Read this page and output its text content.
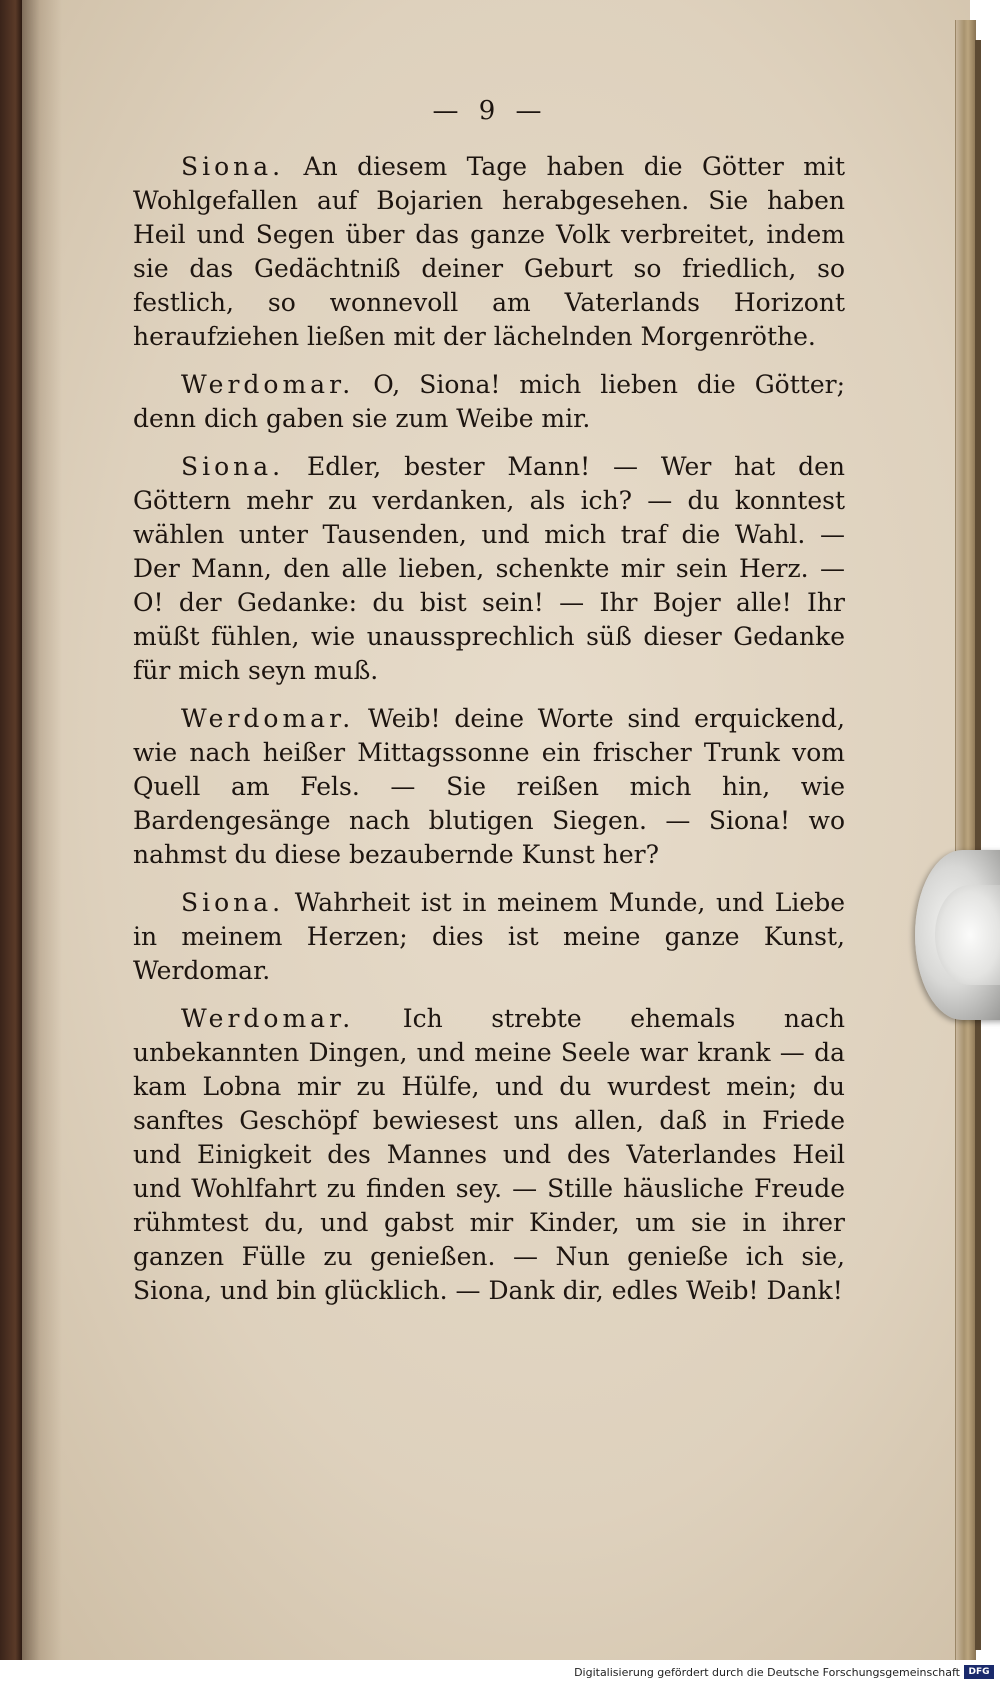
— 9 —

Siona. An diesem Tage haben die Götter mit Wohlgefallen auf Bojarien herabgesehen. Sie haben Heil und Segen über das ganze Volk verbreitet, indem sie das Gedächtniß deiner Geburt so friedlich, so festlich, so wonnevoll am Vaterlands Horizont heraufziehen ließen mit der lächelnden Morgenröthe.

Werdomar. O, Siona! mich lieben die Götter; denn dich gaben sie zum Weibe mir.

Siona. Edler, bester Mann! — Wer hat den Göttern mehr zu verdanken, als ich? — du konntest wählen unter Tausenden, und mich traf die Wahl. — Der Mann, den alle lieben, schenkte mir sein Herz. — O! der Gedanke: du bist sein! — Ihr Bojer alle! Ihr müßt fühlen, wie unaussprechlich süß dieser Gedanke für mich seyn muß.

Werdomar. Weib! deine Worte sind erquickend, wie nach heißer Mittagssonne ein frischer Trunk vom Quell am Fels. — Sie reißen mich hin, wie Bardengesänge nach blutigen Siegen. — Siona! wo nahmst du diese bezaubernde Kunst her?

Siona. Wahrheit ist in meinem Munde, und Liebe in meinem Herzen; dies ist meine ganze Kunst, Werdomar.

Werdomar. Ich strebte ehemals nach unbekannten Dingen, und meine Seele war krank — da kam Lobna mir zu Hülfe, und du wurdest mein; du sanftes Geschöpf bewiesest uns allen, daß in Friede und Einigkeit des Mannes und des Vaterlandes Heil und Wohlfahrt zu finden sey. — Stille häusliche Freude rühmtest du, und gabst mir Kinder, um sie in ihrer ganzen Fülle zu genießen. — Nun genieße ich sie, Siona, und bin glücklich. — Dank dir, edles Weib! Dank!

Digitalisierung gefördert durch die Deutsche Forschungsgemeinschaft DFG
